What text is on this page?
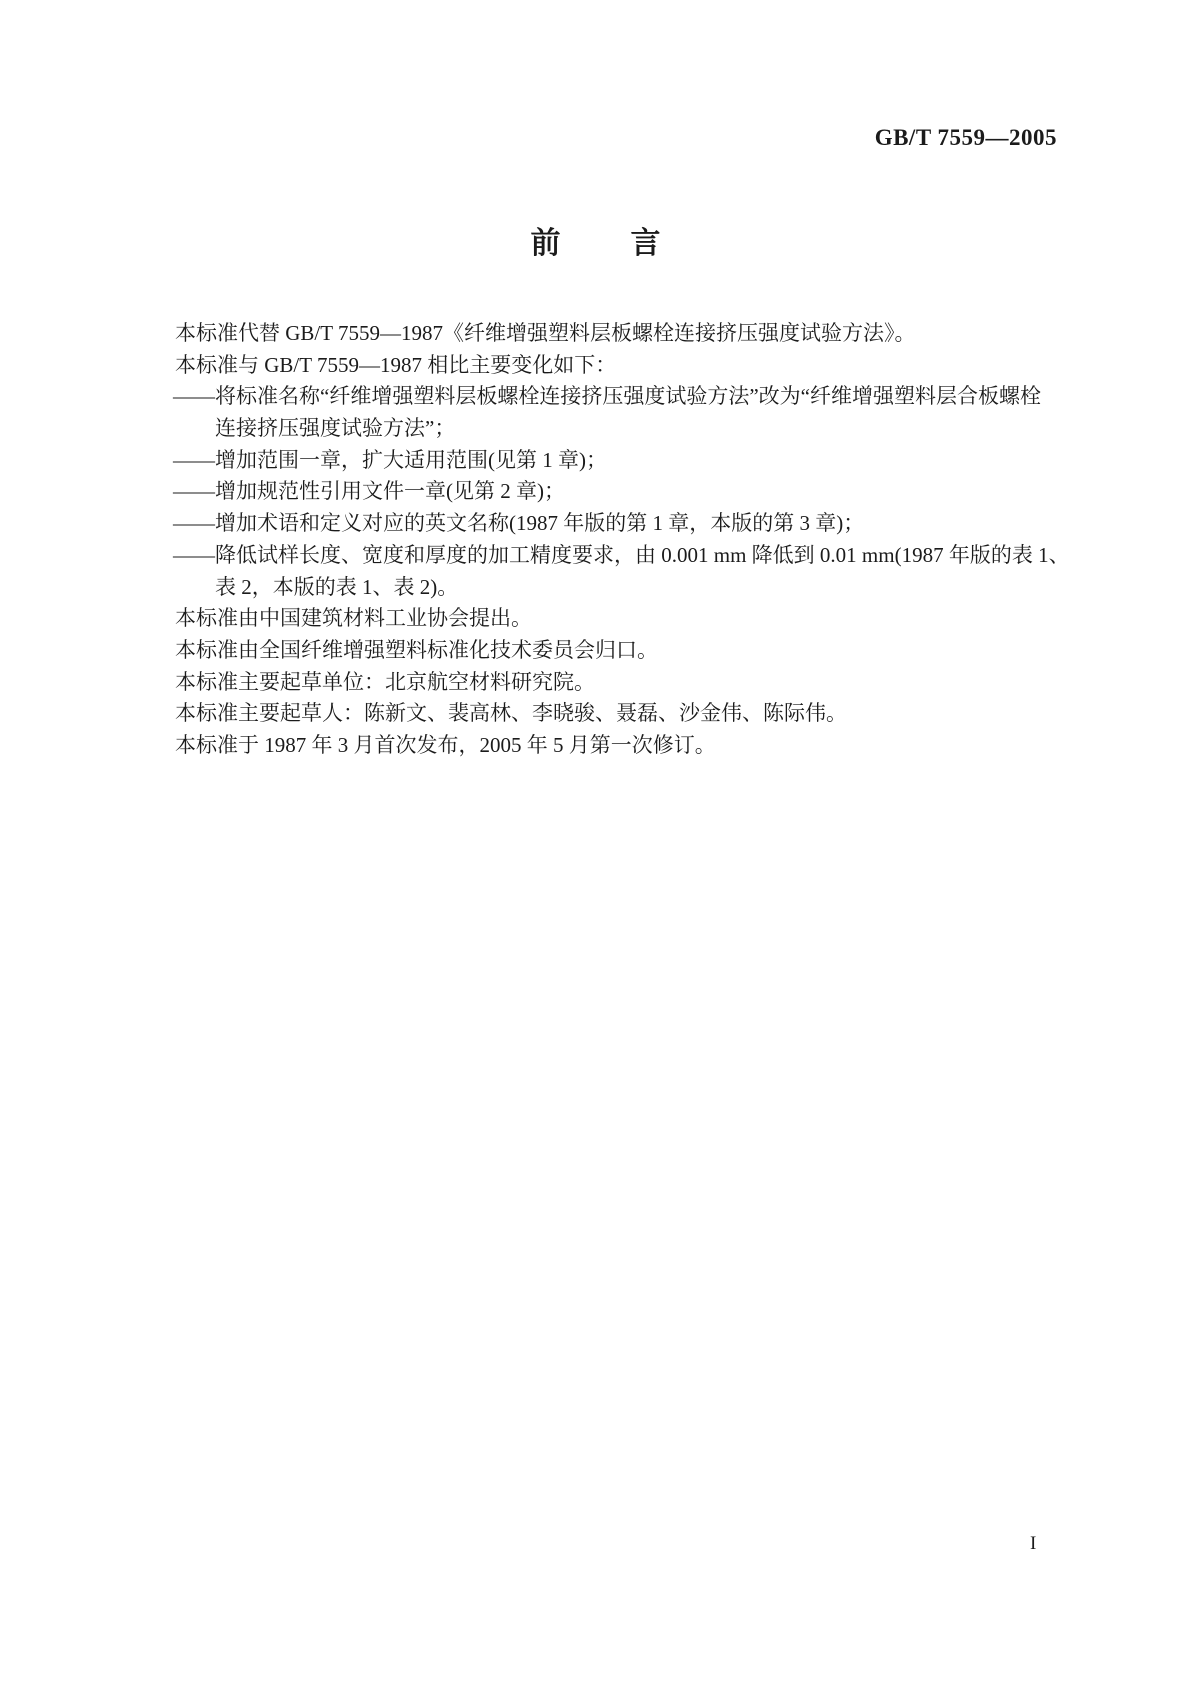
GB/T 7559—2005
前 言
本标准代替 GB/T 7559—1987《纤维增强塑料层板螺栓连接挤压强度试验方法》。
本标准与 GB/T 7559—1987 相比主要变化如下：
——将标准名称“纤维增强塑料层板螺栓连接挤压强度试验方法”改为“纤维增强塑料层合板螺栓
连接挤压强度试验方法”；
——增加范围一章，扩大适用范围(见第 1 章)；
——增加规范性引用文件一章(见第 2 章)；
——增加术语和定义对应的英文名称(1987 年版的第 1 章，本版的第 3 章)；
——降低试样长度、宽度和厚度的加工精度要求，由 0.001 mm 降低到 0.01 mm(1987 年版的表 1、
表 2，本版的表 1、表 2)。
本标准由中国建筑材料工业协会提出。
本标准由全国纤维增强塑料标准化技术委员会归口。
本标准主要起草单位：北京航空材料研究院。
本标准主要起草人：陈新文、裴高林、李晓骏、聂磊、沙金伟、陈际伟。
本标准于 1987 年 3 月首次发布，2005 年 5 月第一次修订。
I
